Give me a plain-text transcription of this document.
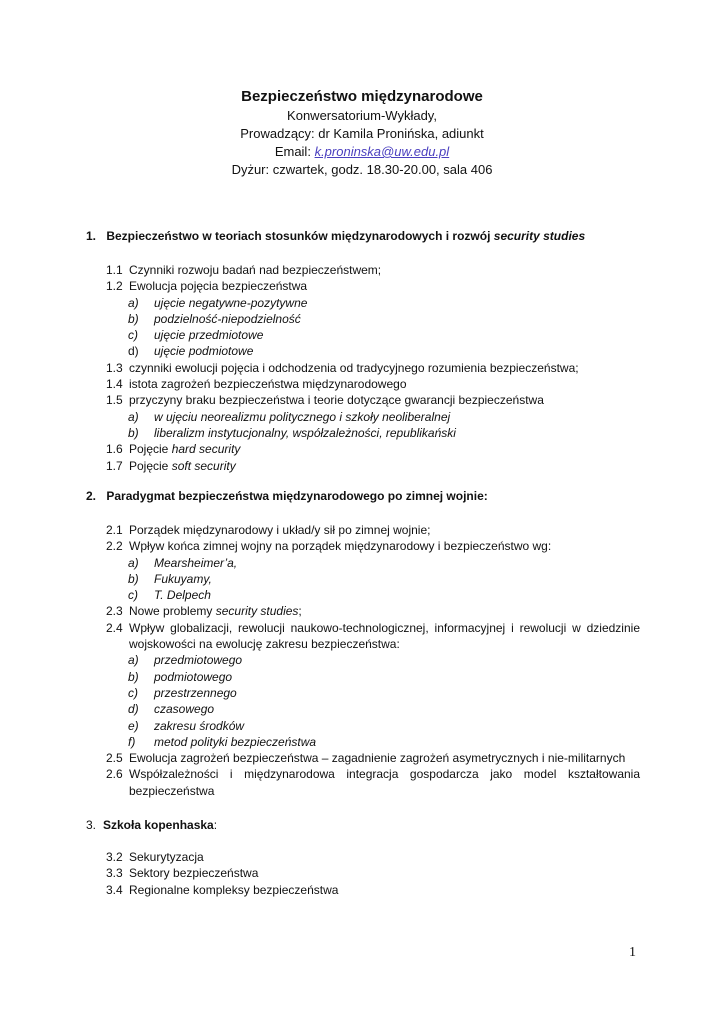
Bezpieczeństwo międzynarodowe

Konwersatorium-Wykłady,

Prowadzący: dr Kamila Pronińska, adiunkt

Email: k.proninska@uw.edu.pl

Dyżur: czwartek, godz. 18.30-20.00, sala 406

1. Bezpieczeństwo w teoriach stosunków międzynarodowych i rozwój security studies
1.1 Czynniki rozwoju badań nad bezpieczeństwem;
1.2 Ewolucja pojęcia bezpieczeństwa
a)	ujęcie negatywne-pozytywne
b)	podzielność-niepodzielność
c)	ujęcie przedmiotowe
d)	ujęcie podmiotowe
1.3 czynniki ewolucji pojęcia i odchodzenia od tradycyjnego rozumienia bezpieczeństwa;
1.4 istota zagrożeń bezpieczeństwa międzynarodowego
1.5 przyczyny braku bezpieczeństwa i teorie dotyczące gwarancji bezpieczeństwa
a)	w ujęciu neorealizmu politycznego i szkoły neoliberalnej
b)	liberalizm instytucjonalny, współzależności, republikański
1.6 Pojęcie hard security
1.7 Pojęcie soft security
2. Paradygmat bezpieczeństwa międzynarodowego po zimnej wojnie:
2.1 Porządek międzynarodowy i układ/y sił po zimnej wojnie;
2.2 Wpływ końca zimnej wojny na porządek międzynarodowy i bezpieczeństwo wg:
a)	Mearsheimer’a,
b)	Fukuyamy,
c)	T. Delpech
2.3 Nowe problemy security studies;
2.4 Wpływ globalizacji, rewolucji naukowo-technologicznej, informacyjnej i rewolucji w dziedzinie wojskowości na ewolucję zakresu bezpieczeństwa:
a)	przedmiotowego
b)	podmiotowego
c)	przestrzennego
d)	czasowego
e)	zakresu środków
f)	metod polityki bezpieczeństwa
2.5 Ewolucja zagrożeń bezpieczeństwa – zagadnienie zagrożeń asymetrycznych i nie-militarnych
2.6 Współzależności i międzynarodowa integracja gospodarcza jako model kształtowania bezpieczeństwa
3. Szkoła kopenhaska:
3.2 Sekurytyzacja
3.3 Sektory bezpieczeństwa
3.4 Regionalne kompleksy bezpieczeństwa
1
